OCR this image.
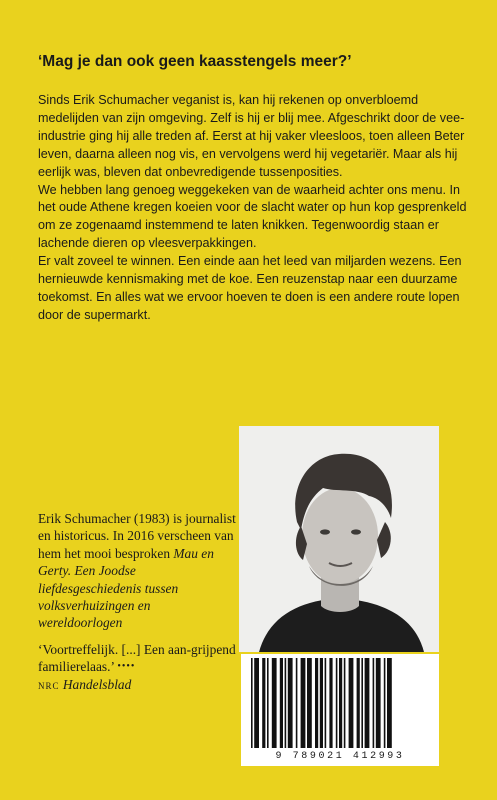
‘Mag je dan ook geen kaasstengels meer?’

Sinds Erik Schumacher veganist is, kan hij rekenen op onverbloemd medelijden van zijn omgeving. Zelf is hij er blij mee. Afgeschrikt door de vee-industrie ging hij alle treden af. Eerst at hij vaker vleesloos, toen alleen Beter leven, daarna alleen nog vis, en vervolgens werd hij vegetariër. Maar als hij eerlijk was, bleven dat onbevredigende tussenposities.

We hebben lang genoeg weggekeken van de waarheid achter ons menu. In het oude Athene kregen koeien voor de slacht water op hun kop gesprenkeld om ze zogenaamd instemmend te laten knikken. Tegenwoordig staan er lachende dieren op vleesverpakkingen.

Er valt zoveel te winnen. Een einde aan het leed van miljarden wezens. Een hernieuwde kennismaking met de koe. Een reuzenstap naar een duurzame toekomst. En alles wat we ervoor hoeven te doen is een andere route lopen door de supermarkt.

Erik Schumacher (1983) is journalist en historicus. In 2016 verscheen van hem het mooi besproken Mau en Gerty. Een Joodse liefdesgeschiedenis tussen volksverhuizingen en wereldoorlogen
‘Voortreffelijk. [...] Een aan-grijpend familierelaas.’ ••••
NRC Handelsblad
9 789021 412993
